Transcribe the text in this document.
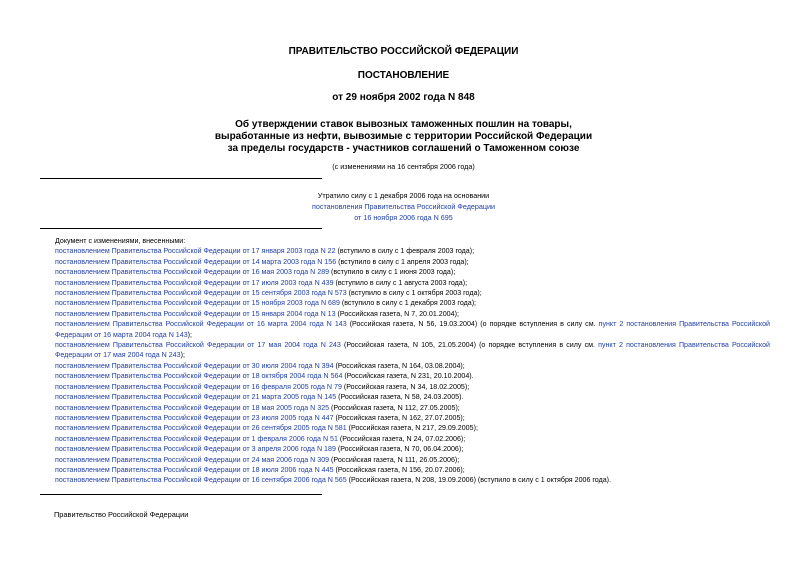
ПРАВИТЕЛЬСТВО РОССИЙСКОЙ ФЕДЕРАЦИИ
ПОСТАНОВЛЕНИЕ
от 29 ноября 2002 года N 848
Об утверждении ставок вывозных таможенных пошлин на товары,
выработанные из нефти, вывозимые с территории Российской Федерации
за пределы государств - участников соглашений о Таможенном союзе
(с изменениями на 16 сентября 2006 года)
Утратило силу с 1 декабря 2006 года на основании
постановления Правительства Российской Федерации
от 16 ноября 2006 года N 695
Документ с изменениями, внесенными:
постановлением Правительства Российской Федерации от 17 января 2003 года N 22 (вступило в силу с 1 февраля 2003 года);
постановлением Правительства Российской Федерации от 14 марта 2003 года N 156 (вступило в силу с 1 апреля 2003 года);
постановлением Правительства Российской Федерации от 16 мая 2003 года N 289 (вступило в силу с 1 июня 2003 года);
постановлением Правительства Российской Федерации от 17 июля 2003 года N 439 (вступило в силу с 1 августа 2003 года);
постановлением Правительства Российской Федерации от 15 сентября 2003 года N 573 (вступило в силу с 1 октября 2003 года);
постановлением Правительства Российской Федерации от 15 ноября 2003 года N 689 (вступило в силу с 1 декабря 2003 года);
постановлением Правительства Российской Федерации от 15 января 2004 года N 13 (Российская газета, N 7, 20.01.2004);
постановлением Правительства Российской Федерации от 16 марта 2004 года N 143 (Российская газета, N 56, 19.03.2004) (о порядке вступления в силу см. пункт 2 постановления Правительства Российской Федерации от 16 марта 2004 года N 143);
постановлением Правительства Российской Федерации от 17 мая 2004 года N 243 (Российская газета, N 105, 21.05.2004) (о порядке вступления в силу см. пункт 2 постановления Правительства Российской Федерации от 17 мая 2004 года N 243);
постановлением Правительства Российской Федерации от 30 июля 2004 года N 394 (Российская газета, N 164, 03.08.2004);
постановлением Правительства Российской Федерации от 18 октября 2004 года N 564 (Российская газета, N 231, 20.10.2004).
постановлением Правительства Российской Федерации от 16 февраля 2005 года N 79 (Российская газета, N 34, 18.02.2005);
постановлением Правительства Российской Федерации от 21 марта 2005 года N 145 (Российская газета, N 58, 24.03.2005).
постановлением Правительства Российской Федерации от 18 мая 2005 года N 325 (Российская газета, N 112, 27.05.2005);
постановлением Правительства Российской Федерации от 23 июля 2005 года N 447 (Российская газета, N 162, 27.07.2005);
постановлением Правительства Российской Федерации от 26 сентября 2005 года N 581 (Российская газета, N 217, 29.09.2005);
постановлением Правительства Российской Федерации от 1 февраля 2006 года N 51 (Российская газета, N 24, 07.02.2006);
постановлением Правительства Российской Федерации от 3 апреля 2006 года N 189 (Российская газета, N 70, 06.04.2006);
постановлением Правительства Российской Федерации от 24 мая 2006 года N 309 (Российская газета, N 111, 26.05.2006);
постановлением Правительства Российской Федерации от 18 июля 2006 года N 445 (Российская газета, N 156, 20.07.2006);
постановлением Правительства Российской Федерации от 16 сентября 2006 года N 565 (Российская газета, N 208, 19.09.2006) (вступило в силу с 1 октября 2006 года).
Правительство Российской Федерации
